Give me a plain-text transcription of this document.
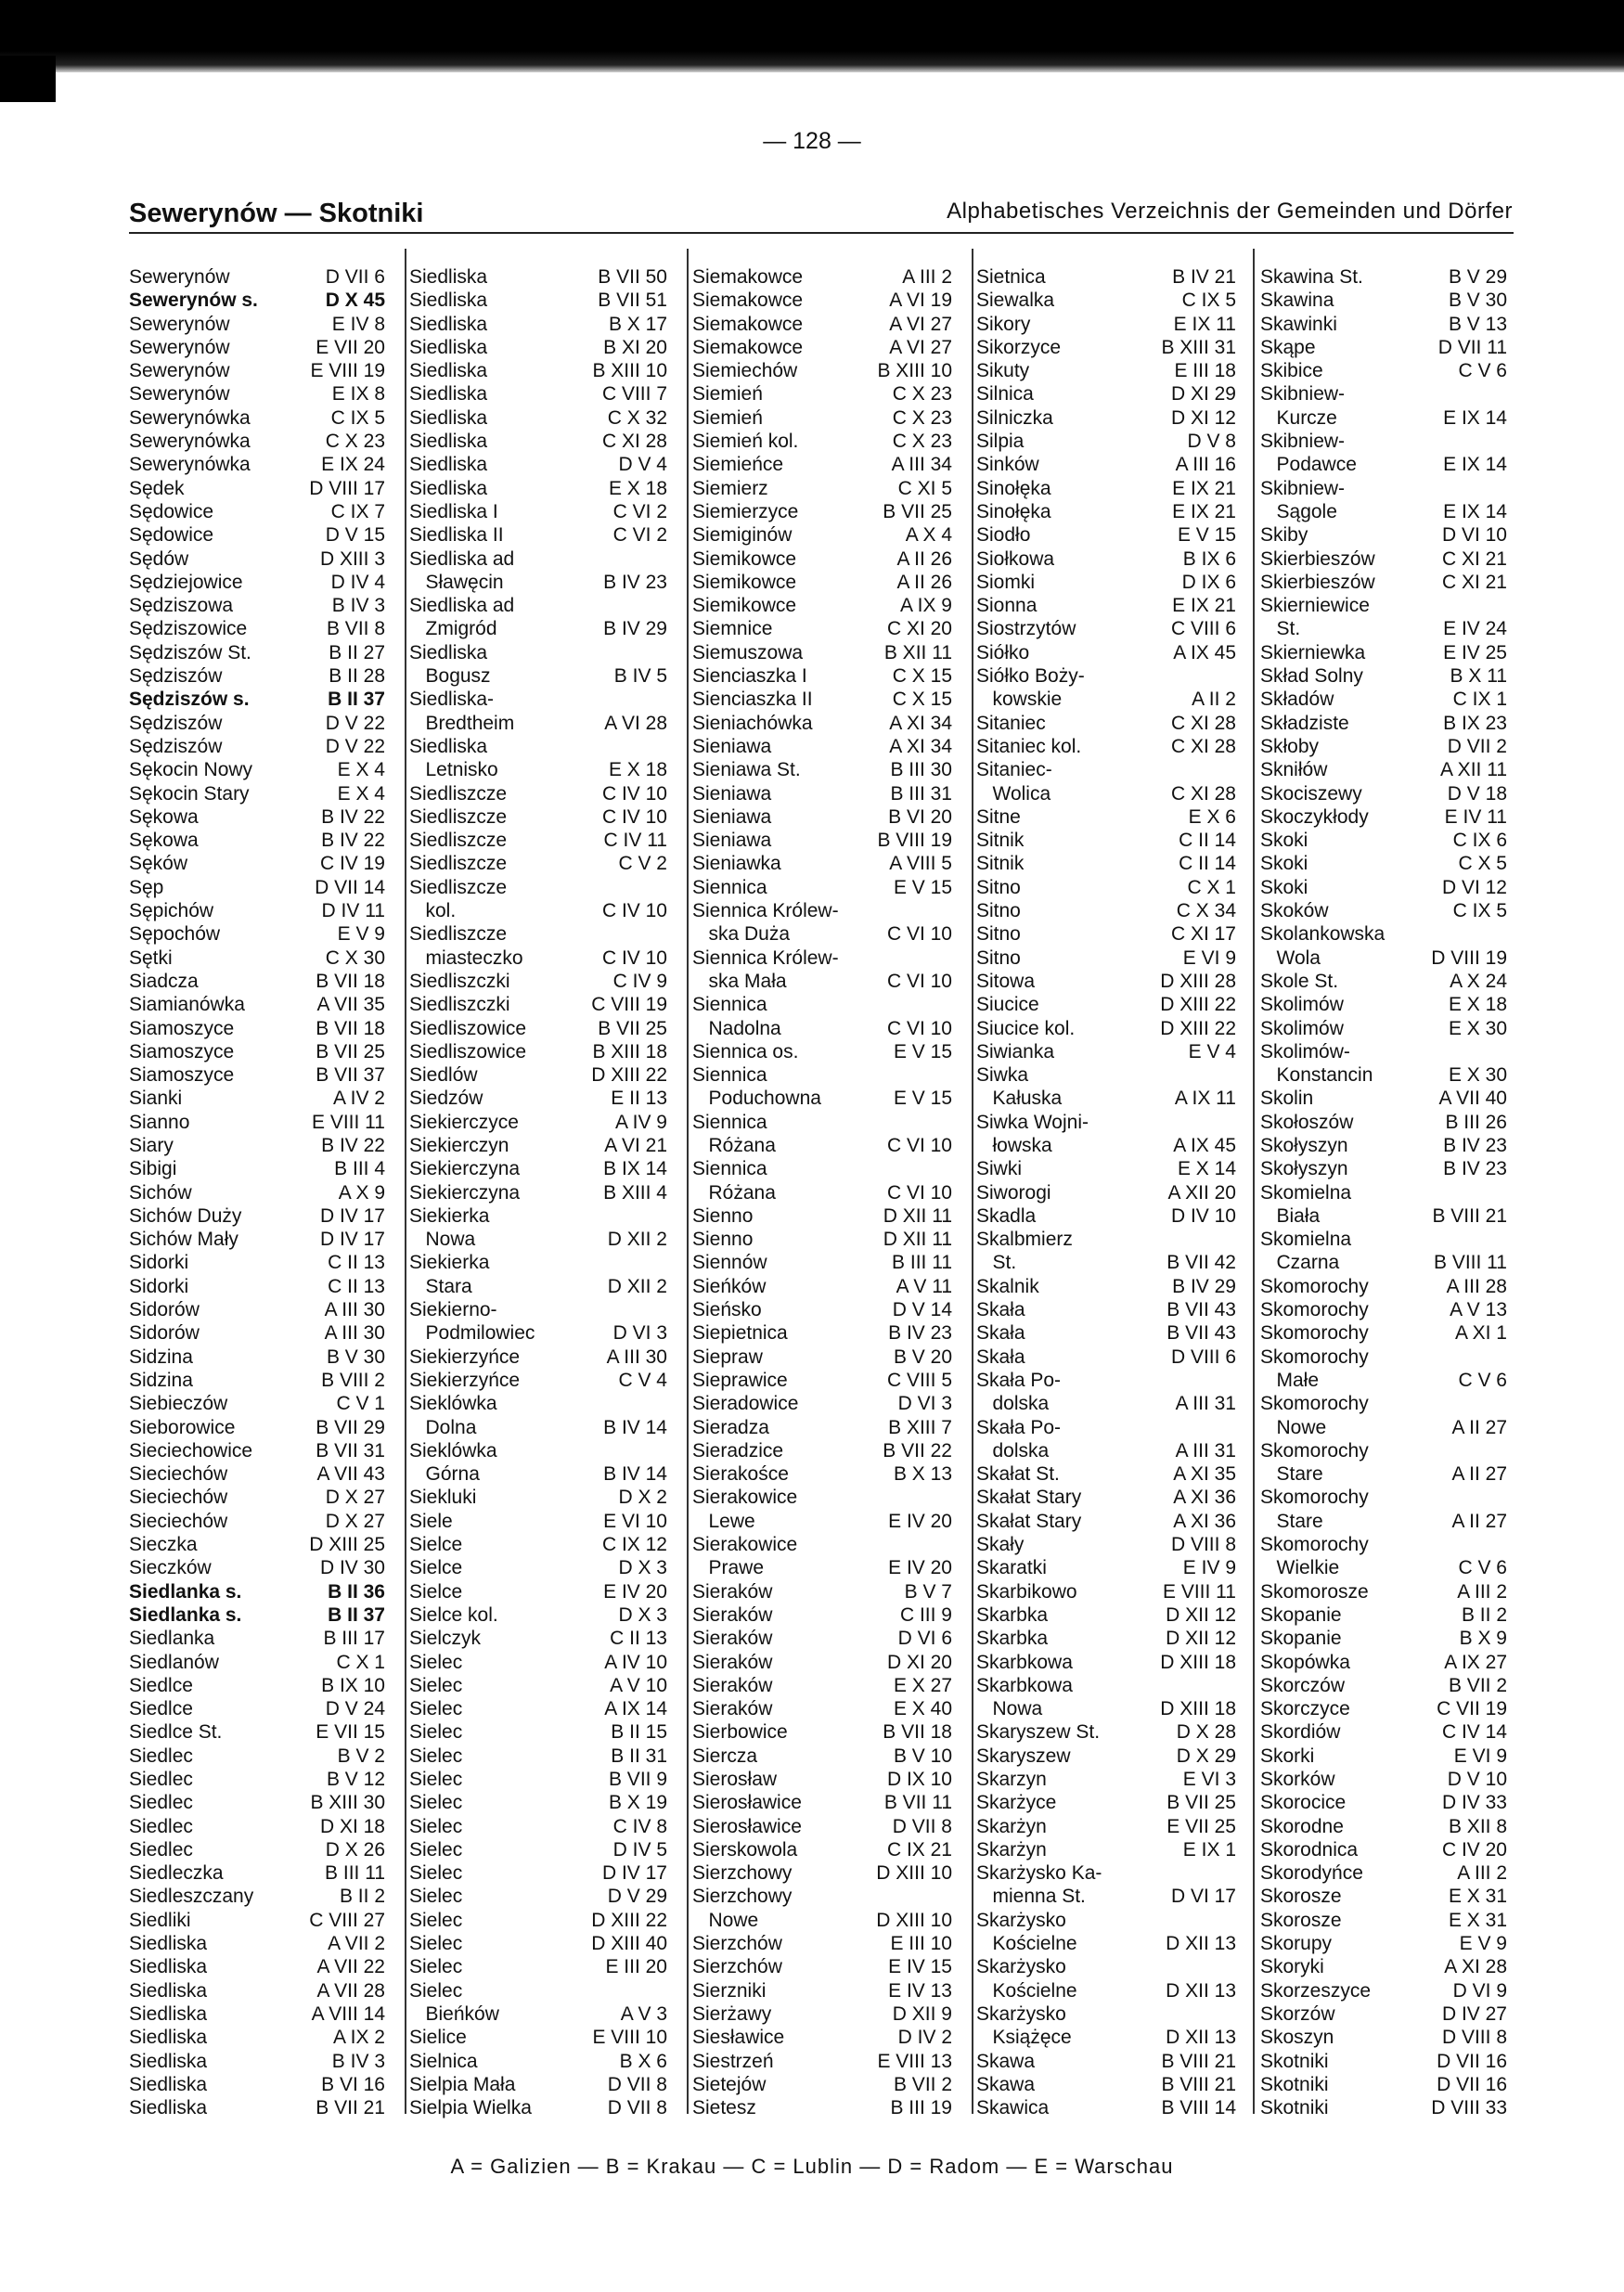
— 128 —
Sewerynów — Skotniki	Alphabetisches Verzeichnis der Gemeinden und Dörfer
Sewerynów	D VII 6
Sewerynów s.	D X 45
Sewerynów	E IV 8
Sewerynów	E VII 20
Sewerynów	E VIII 19
Sewerynów	E IX 8
Sewerynówka	C IX 5
Sewerynówka	C X 23
Sewerynówka	E IX 24
Sędek	D VIII 17
Sędowice	C IX 7
Sędowice	D V 15
Sędów	D XIII 3
Sędziejowice	D IV 4
Sędziszowa	B IV 3
Sędziszowice	B VII 8
Sędziszów St.	B II 27
Sędziszów	B II 28
Sędziszów s.	B II 37
Sędziszów	D V 22
Sędziszów	D V 22
Sękocin Nowy	E X 4
Sękocin Stary	E X 4
Sękowa	B IV 22
Sękowa	B IV 22
Sęków	C IV 19
Sęp	D VII 14
Sępichów	D IV 11
Sępochów	E V 9
Sętki	C X 30
Siadcza	B VII 18
Siamianówka	A VII 35
Siamoszyce	B VII 18
Siamoszyce	B VII 25
Siamoszyce	B VII 37
Sianki	A IV 2
Sianno	E VIII 11
Siary	B IV 22
Sibigi	B III 4
Sichów	A X 9
Sichów Duży	D IV 17
Sichów Mały	D IV 17
Sidorki	C II 13
Sidorki	C II 13
Sidorów	A III 30
Sidorów	A III 30
Sidzina	B V 30
Sidzina	B VIII 2
Siebieczów	C V 1
Sieborowice	B VII 29
Sieciechowice	B VII 31
Sieciechów	A VII 43
Sieciechów	D X 27
Sieciechów	D X 27
Sieczka	D XIII 25
Sieczków	D IV 30
Siedlanka s.	B II 36
Siedlanka s.	B II 37
Siedlanka	B III 17
Siedlanów	C X 1
Siedlce	B IX 10
Siedlce	D V 24
Siedlce St.	E VII 15
Siedlec	B V 2
Siedlec	B V 12
Siedlec	B XIII 30
Siedlec	D XI 18
Siedlec	D X 26
Siedleczka	B III 11
Siedleszczany	B II 2
Siedliki	C VIII 27
Siedliska	A VII 2
Siedliska	A VII 22
Siedliska	A VII 28
Siedliska	A VIII 14
Siedliska	A IX 2
Siedliska	B IV 3
Siedliska	B VI 16
Siedliska	B VII 21
Siedliska	B VII 50
Siedliska	B VII 51
Siedliska	B X 17
Siedliska	B XI 20
Siedliska	B XIII 10
Siedliska	C VIII 7
Siedliska	C X 32
Siedliska	C XI 28
Siedliska	D V 4
Siedliska	E X 18
Siedliska I	C VI 2
Siedliska II	C VI 2
Siedliska ad
Sławęcin	B IV 23
Siedliska ad
Zmigród	B IV 29
Siedliska
Bogusz	B IV 5
Siedliska-
Bredtheim	A VI 28
Siedliska
Letnisko	E X 18
Siedliszcze	C IV 10
Siedliszcze	C IV 10
Siedliszcze	C IV 11
Siedliszcze	C V 2
Siedliszcze
kol.	C IV 10
Siedliszcze
miasteczko	C IV 10
Siedliszczki	C IV 9
Siedliszczki	C VIII 19
Siedliszowice	B VII 25
Siedliszowice	B XIII 18
Siedlów	D XIII 22
Siedzów	E II 13
Siekierczyce	A IV 9
Siekierczyn	A VI 21
Siekierczyna	B IX 14
Siekierczyna	B XIII 4
Siekierka
Nowa	D XII 2
Siekierka
Stara	D XII 2
Siekierno-
Podmilowiec	D VI 3
Siekierzyńce	A III 30
Siekierzyńce	C V 4
Sieklówka
Dolna	B IV 14
Sieklówka
Górna	B IV 14
Siekluki	D X 2
Siele	E VI 10
Sielce	C IX 12
Sielce	D X 3
Sielce	E IV 20
Sielce kol.	D X 3
Sielczyk	C II 13
Sielec	A IV 10
Sielec	A V 10
Sielec	A IX 14
Sielec	B II 15
Sielec	B II 31
Sielec	B VII 9
Sielec	B X 19
Sielec	C IV 8
Sielec	D IV 5
Sielec	D IV 17
Sielec	D V 29
Sielec	D XIII 22
Sielec	D XIII 40
Sielec	E III 20
Sielec
Bieńków	A V 3
Sielice	E VIII 10
Sielnica	B X 6
Sielpia Mała	D VII 8
Sielpia Wielka	D VII 8
Siemakowce	A III 2
Siemakowce	A VI 19
Siemakowce	A VI 27
Siemakowce	A VI 27
Siemiechów	B XIII 10
Siemień	C X 23
Siemień	C X 23
Siemień kol.	C X 23
Siemieńce	A III 34
Siemierz	C XI 5
Siemierzyce	B VII 25
Siemiginów	A X 4
Siemikowce	A II 26
Siemikowce	A II 26
Siemikowce	A IX 9
Siemnice	C XI 20
Siemuszowa	B XII 11
Sienciaszka I	C X 15
Sienciaszka II	C X 15
Sieniachówka	A XI 34
Sieniawa	A XI 34
Sieniawa St.	B III 30
Sieniawa	B III 31
Sieniawa	B VI 20
Sieniawa	B VIII 19
Sieniawka	A VIII 5
Siennica	E V 15
Siennica Królew-
ska Duża	C VI 10
Siennica Królew-
ska Mała	C VI 10
Siennica
Nadolna	C VI 10
Siennica os.	E V 15
Siennica
Poduchowna	E V 15
Siennica
Różana	C VI 10
Siennica
Różana	C VI 10
Sienno	D XII 11
Sienno	D XII 11
Siennów	B III 11
Sieńków	A V 11
Sieńsko	D V 14
Siepietnica	B IV 23
Sieprаw	B V 20
Sieprawice	C VIII 5
Sieradowice	D VI 3
Sieradza	B XIII 7
Sieradzice	B VII 22
Sierakośce	B X 13
Sierakowice
Lewe	E IV 20
Sierakowice
Prawe	E IV 20
Sieraków	B V 7
Sieraków	C III 9
Sieraków	D VI 6
Sieraków	D XI 20
Sieraków	E X 27
Sieraków	E X 40
Sierbowice	B VII 18
Siercza	B V 10
Sierosław	D IX 10
Sierosławice	B VII 11
Sierosławice	D VII 8
Sierskowola	C IX 21
Sierzchowy	D XIII 10
Sierzchowy
Nowe	D XIII 10
Sierzchów	E III 10
Sierzchów	E IV 15
Sierzniki	E IV 13
Sierżawy	D XII 9
Siesławice	D IV 2
Siestrzeń	E VIII 13
Sietejów	B VII 2
Sietesz	B III 19
Sietnica	B IV 21
Siewalka	C IX 5
Sikory	E IX 11
Sikorzyce	B XIII 31
Sikuty	E III 18
Silnica	D XI 29
Silniczka	D XI 12
Silpia	D V 8
Sinków	A III 16
Sinołęka	E IX 21
Sinołęka	E IX 21
Siodło	E V 15
Siołkowa	B IX 6
Siomki	D IX 6
Sionna	E IX 21
Siostrzytów	C VIII 6
Siółko	A IX 45
Siółko Boży-
kowskie	A II 2
Sitaniec	C XI 28
Sitaniec kol.	C XI 28
Sitaniec-
Wolica	C XI 28
Sitne	E X 6
Sitnik	C II 14
Sitnik	C II 14
Sitno	C X 1
Sitno	C X 34
Sitno	C XI 17
Sitno	E VI 9
Sitowa	D XIII 28
Siucice	D XIII 22
Siucice kol.	D XIII 22
Siwianka	E V 4
Siwka
Kałuska	A IX 11
Siwka Wojni-
łowska	A IX 45
Siwki	E X 14
Siworogi	A XII 20
Skadla	D IV 10
Skalbmierz
St.	B VII 42
Skalnik	B IV 29
Skała	B VII 43
Skała	B VII 43
Skała	D VIII 6
Skała Po-
dolska	A III 31
Skała Po-
dolska	A III 31
Skałat St.	A XI 35
Skałat Stary	A XI 36
Skałat Stary	A XI 36
Skały	D VIII 8
Skaratki	E IV 9
Skarbikowo	E VIII 11
Skarbka	D XII 12
Skarbka	D XII 12
Skarbkowa	D XIII 18
Skarbkowa
Nowa	D XIII 18
Skaryszew St.	D X 28
Skaryszew	D X 29
Skarzyn	E VI 3
Skarżyce	B VII 25
Skarżyn	E VII 25
Skarżyn	E IX 1
Skarżysko Ka-
mienna St.	D VI 17
Skarżysko
Kościelne	D XII 13
Skarżysko
Kościelne	D XII 13
Skarżysko
Książęce	D XII 13
Skawa	B VIII 21
Skawa	B VIII 21
Skawica	B VIII 14
Skawina St.	B V 29
Skawina	B V 30
Skawinki	B V 13
Skąpe	D VII 11
Skibice	C V 6
Skibniew-
Kurcze	E IX 14
Skibniew-
Podawce	E IX 14
Skibniew-
Sągole	E IX 14
Skiby	D VI 10
Skierbieszów	C XI 21
Skierbieszów	C XI 21
Skierniewice
St.	E IV 24
Skierniewka	E IV 25
Skład Solny	B X 11
Składów	C IX 1
Składziste	B IX 23
Skłoby	D VII 2
Skniłów	A XII 11
Skociszewy	D V 18
Skoczykłody	E IV 11
Skoki	C IX 6
Skoki	C X 5
Skoki	D VI 12
Skoków	C IX 5
Skolankowska
Wola	D VIII 19
Skole St.	A X 24
Skolimów	E X 18
Skolimów	E X 30
Skolimów-
Konstancin	E X 30
Skolin	A VII 40
Skołoszów	B III 26
Skołyszyn	B IV 23
Skołyszyn	B IV 23
Skomielna
Biała	B VIII 21
Skomielna
Czarna	B VIII 11
Skomorochy	A III 28
Skomorochy	A V 13
Skomorochy	A XI 1
Skomorochy
Małe	C V 6
Skomorochy
Nowe	A II 27
Skomorochy
Stare	A II 27
Skomorochy
Stare	A II 27
Skomorochy
Wielkie	C V 6
Skomorosze	A III 2
Skopanie	B II 2
Skopanie	B X 9
Skopówka	A IX 27
Skorczów	B VII 2
Skorczyce	C VII 19
Skordiów	C IV 14
Skorki	E VI 9
Skorków	D V 10
Skorocice	D IV 33
Skorodne	B XII 8
Skorodnica	C IV 20
Skorodyńce	A III 2
Skorosze	E X 31
Skorosze	E X 31
Skorupy	E V 9
Skoryki	A XI 28
Skorzeszyce	D VI 9
Skorzów	D IV 27
Skoszyn	D VIII 8
Skotniki	D VII 16
Skotniki	D VII 16
Skotniki	D VIII 33
A = Galizien — B = Krakau — C = Lublin — D = Radom — E = Warschau
